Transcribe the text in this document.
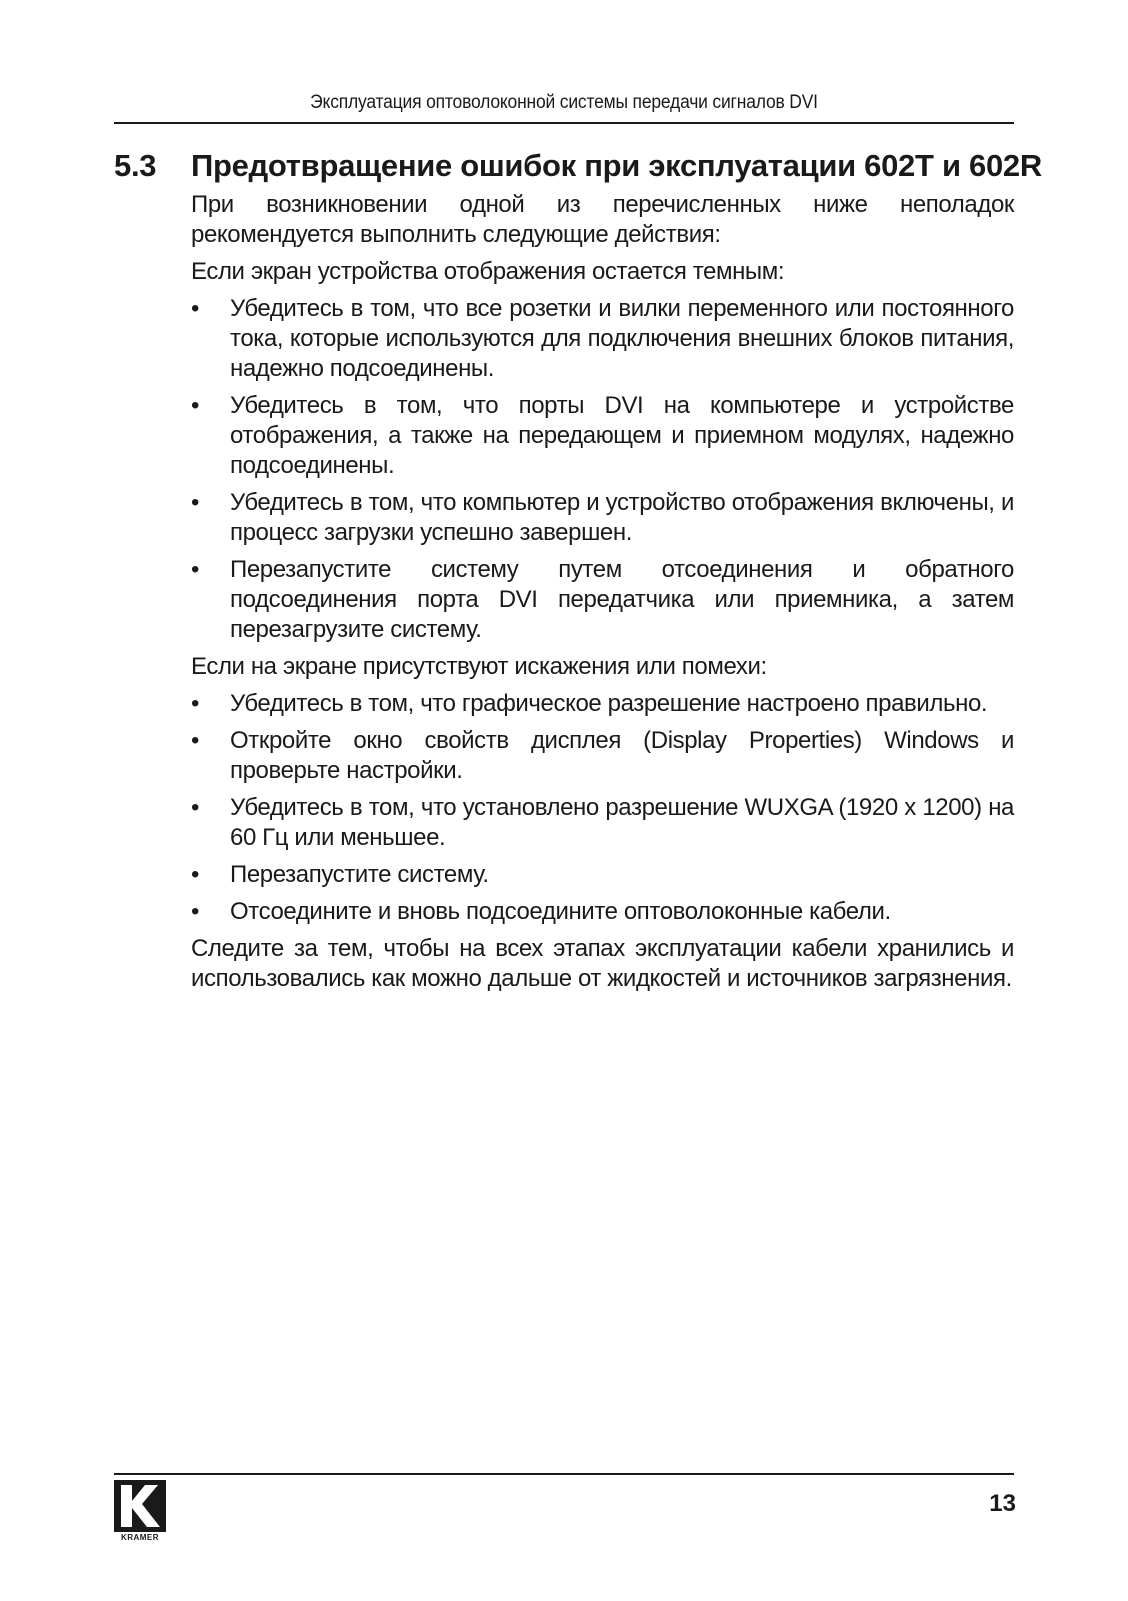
Эксплуатация оптоволоконной системы передачи сигналов DVI
5.3 Предотвращение ошибок при эксплуатации 602T и 602R

При возникновении одной из перечисленных ниже неполадок рекомендуется выполнить следующие действия:

Если экран устройства отображения остается темным:

•	Убедитесь в том, что все розетки и вилки переменного или постоянного тока, которые используются для подключения внешних блоков питания, надежно подсоединены.
•	Убедитесь в том, что порты DVI на компьютере и устройстве отображения, а также на передающем и приемном модулях, надежно подсоединены.
•	Убедитесь в том, что компьютер и устройство отображения включены, и процесс загрузки успешно завершен.
•	Перезапустите систему путем отсоединения и обратного подсоединения порта DVI передатчика или приемника, а затем перезагрузите систему.

Если на экране присутствуют искажения или помехи:

•	Убедитесь в том, что графическое разрешение настроено правильно.
•	Откройте окно свойств дисплея (Display Properties) Windows и проверьте настройки.
•	Убедитесь в том, что установлено разрешение WUXGA (1920 x 1200) на 60 Гц или меньшее.
•	Перезапустите систему.
•	Отсоедините и вновь подсоедините оптоволоконные кабели.

Следите за тем, чтобы на всех этапах эксплуатации кабели хранились и использовались как можно дальше от жидкостей и источников загрязнения.

KRAMER
13
